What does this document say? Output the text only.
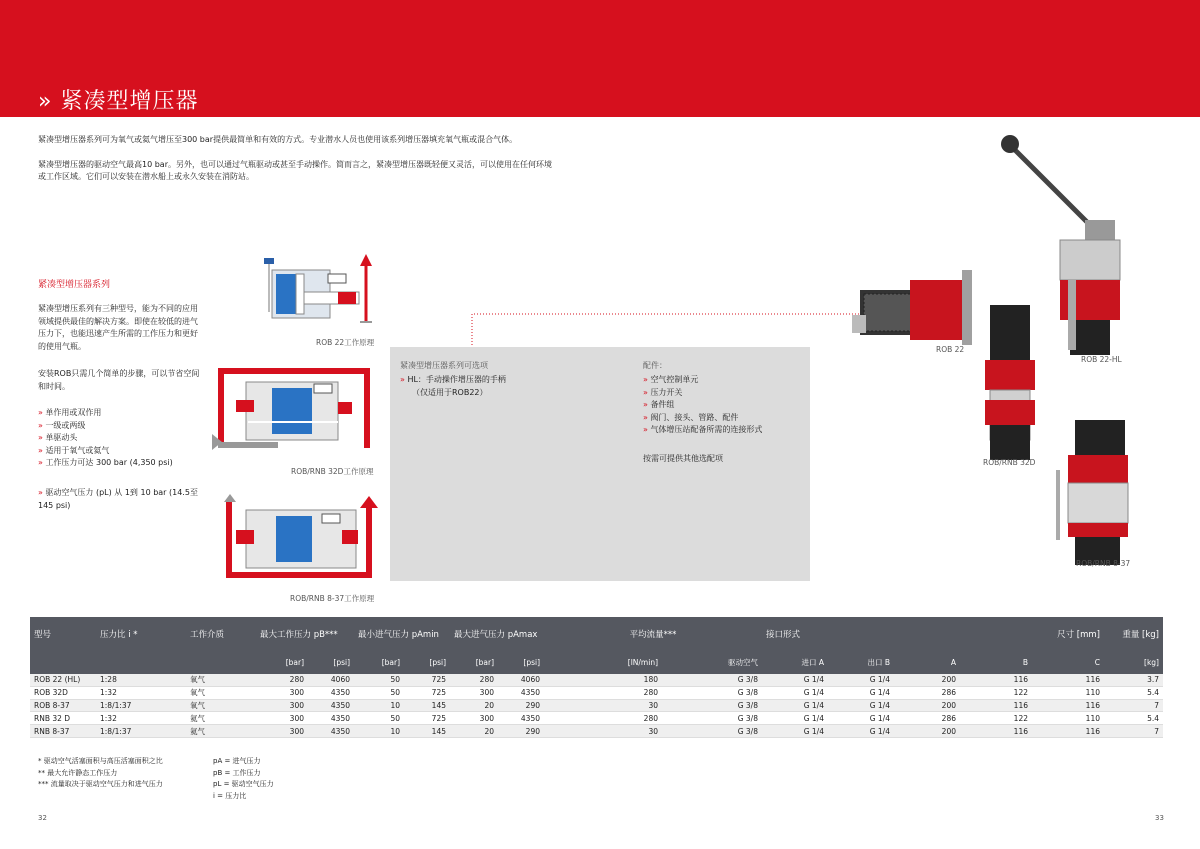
» 紧凑型增压器

紧凑型增压器系列可为氧气或氦气增压至300 bar提供最简单和有效的方式。专业潜水人员也使用该系列增压器填充氧气瓶或混合气体。

紧凑型增压器的驱动空气最高10 bar。另外，也可以通过气瓶驱动或甚至手动操作。简而言之，紧凑型增压器既轻便又灵活，可以使用在任何环境或工作区域。它们可以安装在潜水船上或永久安装在消防站。

紧凑型增压器系列
紧凑型增压系列有三种型号，能为不同的应用领域提供最佳的解决方案。即使在较低的进气压力下，也能迅速产生所需的工作压力和更好的使用气瓶。
安装ROB只需几个简单的步骤，可以节省空间和时间。
» 单作用或双作用
» 一级或两级
» 单驱动头
» 适用于氧气或氦气
» 工作压力可达 300 bar (4,350 psi)
» 驱动空气压力 (pL) 从 1到 10 bar (14.5至145 psi)
ROB 22工作原理
ROB/RNB 32D工作原理
ROB/RNB 8-37工作原理
紧凑型增压器系列可选项
» HL：手动操作增压器的手柄
（仅适用于ROB22）
配件：
» 空气控制单元
» 压力开关
» 备件组
» 阀门、接头、管路、配件
» 气体增压站配备所需的连接形式
按需可提供其他选配项
ROB 22
ROB 22-HL
ROB/RNB 32D
ROB/RNB 8-37
型号	压力比 i *	工作介质	最大工作压力 pB***		最小进气压力 pAmin		最大进气压力 pAmax		平均流量***		接口形式		尺寸 [mm]			重量 [kg]
			[bar]	[psi]	[bar]	[psi]	[bar]	[psi]	[lN/min]	驱动空气	进口 A	出口 B	A	B	C	[kg]
ROB 22 (HL)	1:28	氧气	280	4060	50	725	280	4060	180	G 3/8	G 1/4	G 1/4	200	116	116	3.7
ROB 32D	1:32	氧气	300	4350	50	725	300	4350	280	G 3/8	G 1/4	G 1/4	286	122	110	5.4
ROB 8-37	1:8/1:37	氧气	300	4350	10	145	20	290	30	G 3/8	G 1/4	G 1/4	200	116	116	7
RNB 32 D	1:32	氦气	300	4350	50	725	300	4350	280	G 3/8	G 1/4	G 1/4	286	122	110	5.4
RNB 8-37	1:8/1:37	氦气	300	4350	10	145	20	290	30	G 3/8	G 1/4	G 1/4	200	116	116	7
* 驱动空气活塞面积与高压活塞面积之比
** 最大允许静态工作压力
*** 流量取决于驱动空气压力和进气压力
pA = 进气压力
pB = 工作压力
pL = 驱动空气压力
i = 压力比
32	33
